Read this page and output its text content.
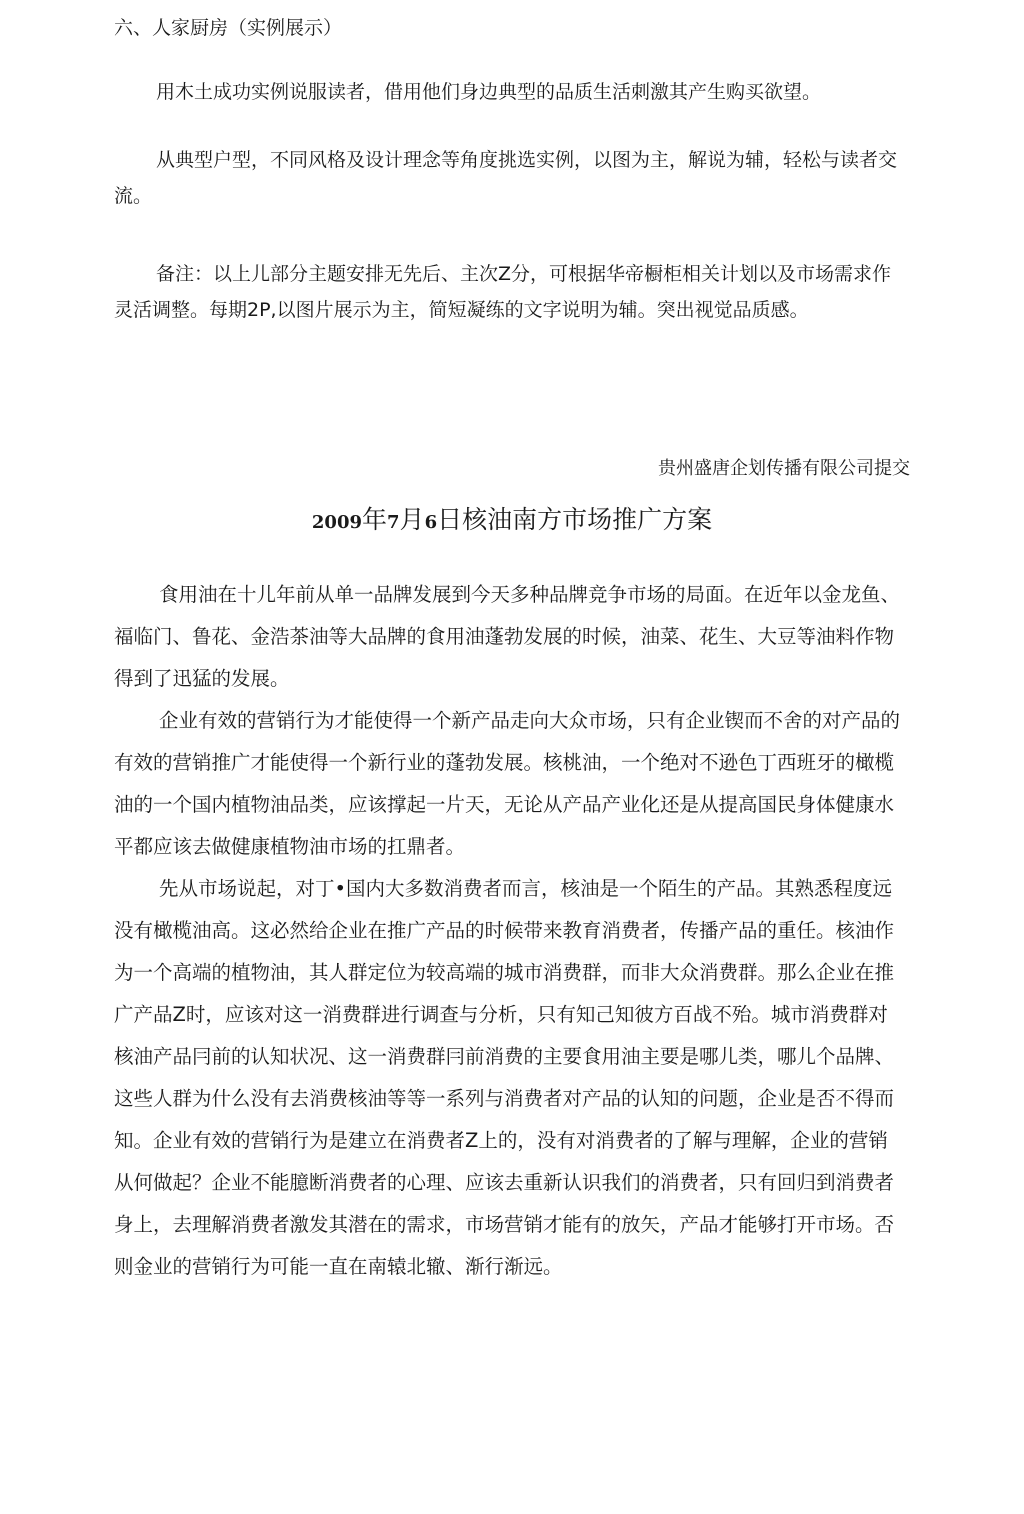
六、人家厨房（实例展示）

用木土成功实例说服读者，借用他们身边典型的品质生活刺激其产生购买欲望。

从典型户型，不同风格及设计理念等角度挑选实例，以图为主，解说为辅，轻松与读者交流。

备注：以上儿部分主题安排无先后、主次Z分，可根据华帝橱柜相关计划以及市场需求作灵活调整。每期2P,以图片展示为主，简短凝练的文字说明为辅。突出视觉品质感。

贵州盛唐企划传播有限公司提交
2009年7月6日核油南方市场推广方案

食用油在十儿年前从单一品牌发展到今天多种品牌竞争市场的局面。在近年以金龙鱼、福临门、鲁花、金浩茶油等大品牌的食用油蓬勃发展的时候，油菜、花生、大豆等油料作物得到了迅猛的发展。

企业有效的营销行为才能使得一个新产品走向大众市场，只有企业锲而不舍的对产品的有效的营销推广才能使得一个新行业的蓬勃发展。核桃油，一个绝对不逊色丁西班牙的橄榄油的一个国内植物油品类，应该撑起一片天，无论从产品产业化还是从提高国民身体健康水平都应该去做健康植物油市场的扛鼎者。

先从市场说起，对丁•国内大多数消费者而言，核油是一个陌生的产品。其熟悉程度远没有橄榄油高。这必然给企业在推广产品的时候带来教育消费者，传播产品的重任。核油作为一个高端的植物油，其人群定位为较高端的城市消费群，而非大众消费群。那么企业在推广产品Z时，应该对这一消费群进行调查与分析，只有知己知彼方百战不殆。城市消费群对核油产品冃前的认知状况、这一消费群冃前消费的主要食用油主要是哪儿类，哪儿个品牌、这些人群为什么没有去消费核油等等一系列与消费者对产品的认知的问题，企业是否不得而知。企业有效的营销行为是建立在消费者Z上的，没有对消费者的了解与理解，企业的营销从何做起？企业不能臆断消费者的心理、应该去重新认识我们的消费者，只有回归到消费者身上，去理解消费者激发其潜在的需求，市场营销才能有的放矢，产品才能够打开市场。否则金业的营销行为可能一直在南辕北辙、渐行渐远。
